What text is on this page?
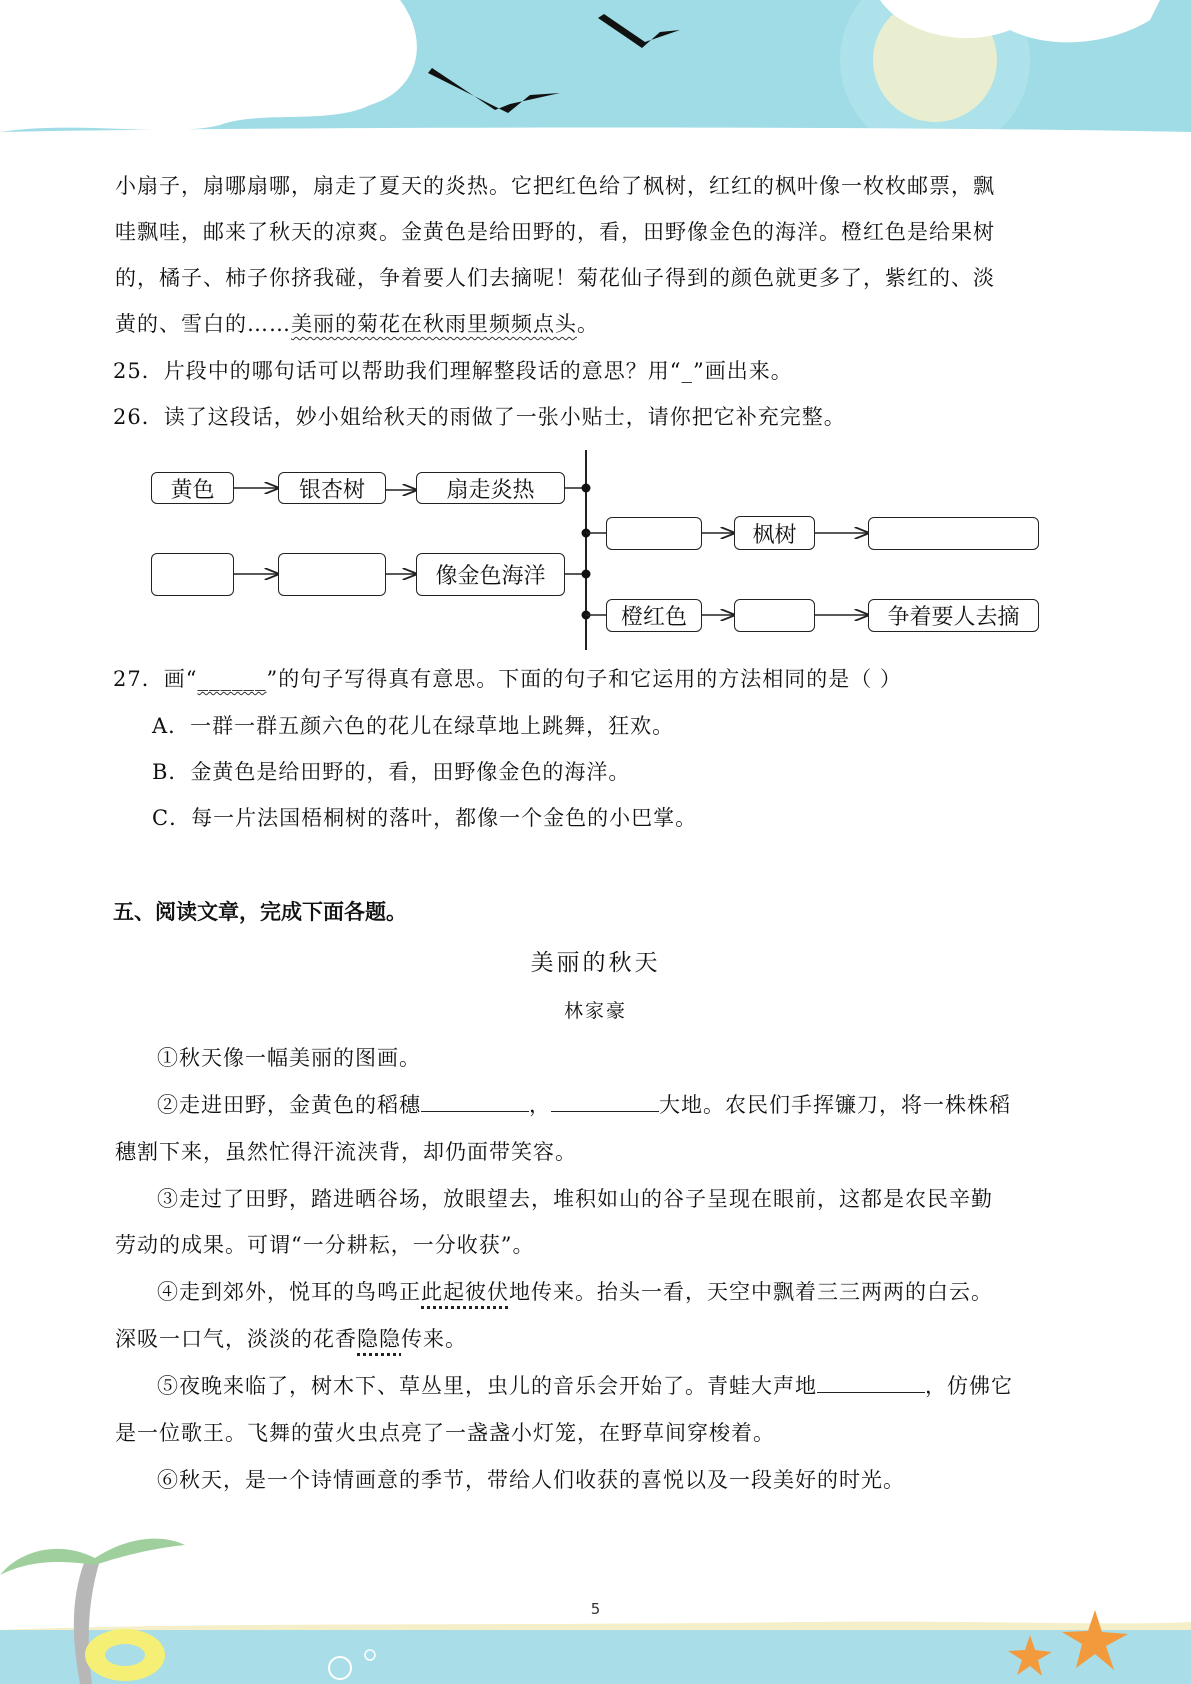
小扇子，扇哪扇哪，扇走了夏天的炎热。它把红色给了枫树，红红的枫叶像一枚枚邮票，飘
哇飘哇，邮来了秋天的凉爽。金黄色是给田野的，看，田野像金色的海洋。橙红色是给果树
的，橘子、柿子你挤我碰，争着要人们去摘呢！菊花仙子得到的颜色就更多了，紫红的、淡
黄的、雪白的……美丽的菊花在秋雨里频频点头。
25．片段中的哪句话可以帮助我们理解整段话的意思？用“_”画出来。
26．读了这段话，妙小姐给秋天的雨做了一张小贴士，请你把它补充完整。
黄色	银杏树	扇走炎热
像金色海洋
枫树
橙红色	争着要人去摘
27．画“______”的句子写得真有意思。下面的句子和它运用的方法相同的是（ ）
A．一群一群五颜六色的花儿在绿草地上跳舞，狂欢。
B．金黄色是给田野的，看，田野像金色的海洋。
C．每一片法国梧桐树的落叶，都像一个金色的小巴掌。
五、阅读文章，完成下面各题。
美丽的秋天
林家豪
①秋天像一幅美丽的图画。
②走进田野，金黄色的稻穗	，	大地。农民们手挥镰刀，将一株株稻
穗割下来，虽然忙得汗流浃背，却仍面带笑容。
③走过了田野，踏进晒谷场，放眼望去，堆积如山的谷子呈现在眼前，这都是农民辛勤
劳动的成果。可谓“一分耕耘，一分收获”。
④走到郊外，悦耳的鸟鸣正此起彼伏地传来。抬头一看，天空中飘着三三两两的白云。
深吸一口气，淡淡的花香隐隐传来。
⑤夜晚来临了，树木下、草丛里，虫儿的音乐会开始了。青蛙大声地	，仿佛它
是一位歌王。飞舞的萤火虫点亮了一盏盏小灯笼，在野草间穿梭着。
⑥秋天，是一个诗情画意的季节，带给人们收获的喜悦以及一段美好的时光。
5
